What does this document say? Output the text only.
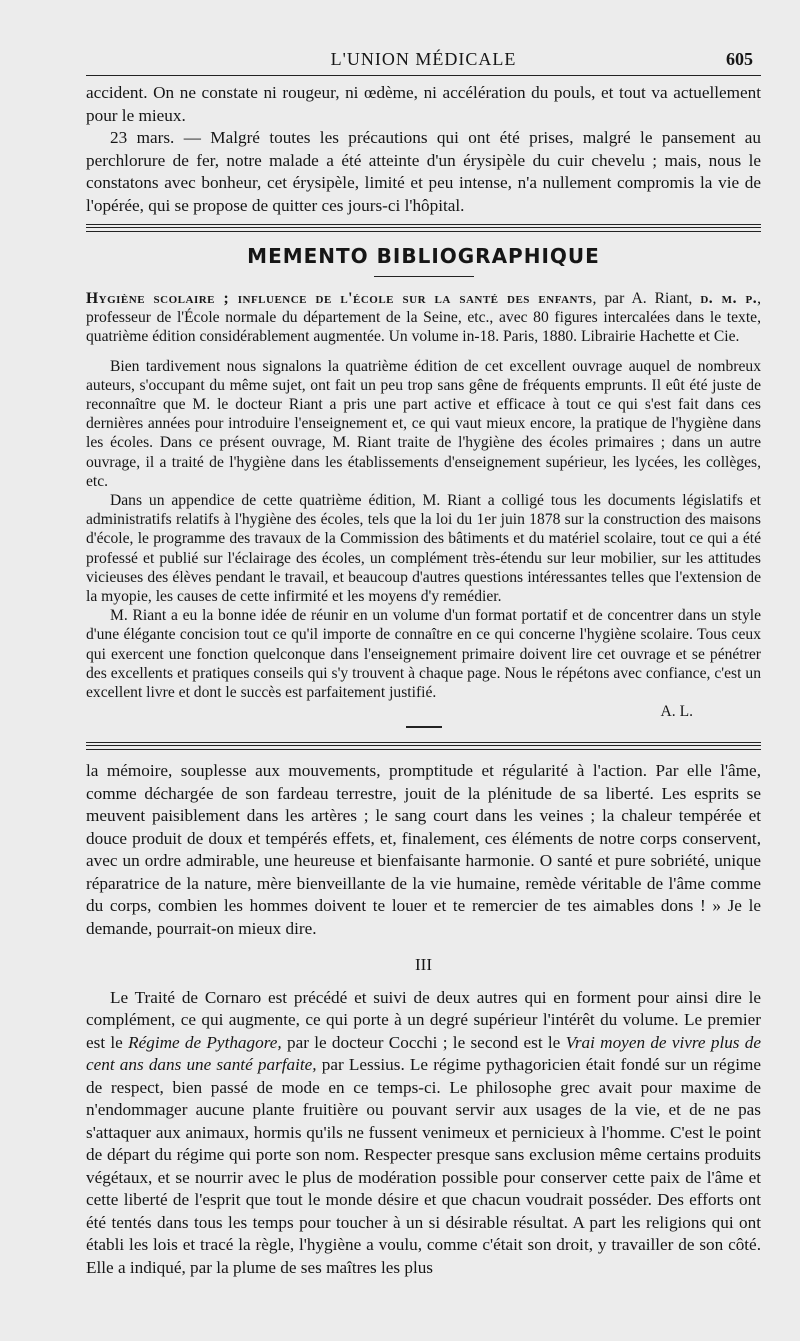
L'UNION MÉDICALE	605

accident. On ne constate ni rougeur, ni œdème, ni accélération du pouls, et tout va actuellement pour le mieux.

23 mars. — Malgré toutes les précautions qui ont été prises, malgré le pansement au perchlorure de fer, notre malade a été atteinte d'un érysipèle du cuir chevelu ; mais, nous le constatons avec bonheur, cet érysipèle, limité et peu intense, n'a nullement compromis la vie de l'opérée, qui se propose de quitter ces jours-ci l'hôpital.

MEMENTO BIBLIOGRAPHIQUE

Hygiène scolaire ; influence de l'école sur la santé des enfants, par A. Riant, d. m. p., professeur de l'École normale du département de la Seine, etc., avec 80 figures intercalées dans le texte, quatrième édition considérablement augmentée. Un volume in-18. Paris, 1880. Librairie Hachette et Cie.

Bien tardivement nous signalons la quatrième édition de cet excellent ouvrage auquel de nombreux auteurs, s'occupant du même sujet, ont fait un peu trop sans gêne de fréquents emprunts. Il eût été juste de reconnaître que M. le docteur Riant a pris une part active et efficace à tout ce qui s'est fait dans ces dernières années pour introduire l'enseignement et, ce qui vaut mieux encore, la pratique de l'hygiène dans les écoles. Dans ce présent ouvrage, M. Riant traite de l'hygiène des écoles primaires ; dans un autre ouvrage, il a traité de l'hygiène dans les établissements d'enseignement supérieur, les lycées, les collèges, etc.

Dans un appendice de cette quatrième édition, M. Riant a colligé tous les documents législatifs et administratifs relatifs à l'hygiène des écoles, tels que la loi du 1er juin 1878 sur la construction des maisons d'école, le programme des travaux de la Commission des bâtiments et du matériel scolaire, tout ce qui a été professé et publié sur l'éclairage des écoles, un complément très-étendu sur leur mobilier, sur les attitudes vicieuses des élèves pendant le travail, et beaucoup d'autres questions intéressantes telles que l'extension de la myopie, les causes de cette infirmité et les moyens d'y remédier.

M. Riant a eu la bonne idée de réunir en un volume d'un format portatif et de concentrer dans un style d'une élégante concision tout ce qu'il importe de connaître en ce qui concerne l'hygiène scolaire. Tous ceux qui exercent une fonction quelconque dans l'enseignement primaire doivent lire cet ouvrage et se pénétrer des excellents et pratiques conseils qui s'y trouvent à chaque page. Nous le répétons avec confiance, c'est un excellent livre et dont le succès est parfaitement justifié.

A. L.

la mémoire, souplesse aux mouvements, promptitude et régularité à l'action. Par elle l'âme, comme déchargée de son fardeau terrestre, jouit de la plénitude de sa liberté. Les esprits se meuvent paisiblement dans les artères ; le sang court dans les veines ; la chaleur tempérée et douce produit de doux et tempérés effets, et, finalement, ces éléments de notre corps conservent, avec un ordre admirable, une heureuse et bienfaisante harmonie. O santé et pure sobriété, unique réparatrice de la nature, mère bienveillante de la vie humaine, remède véritable de l'âme comme du corps, combien les hommes doivent te louer et te remercier de tes aimables dons ! » Je le demande, pourrait-on mieux dire.

III

Le Traité de Cornaro est précédé et suivi de deux autres qui en forment pour ainsi dire le complément, ce qui augmente, ce qui porte à un degré supérieur l'intérêt du volume. Le premier est le Régime de Pythagore, par le docteur Cocchi ; le second est le Vrai moyen de vivre plus de cent ans dans une santé parfaite, par Lessius. Le régime pythagoricien était fondé sur un régime de respect, bien passé de mode en ce temps-ci. Le philosophe grec avait pour maxime de n'endommager aucune plante fruitière ou pouvant servir aux usages de la vie, et de ne pas s'attaquer aux animaux, hormis qu'ils ne fussent venimeux et pernicieux à l'homme. C'est le point de départ du régime qui porte son nom. Respecter presque sans exclusion même certains produits végétaux, et se nourrir avec le plus de modération possible pour conserver cette paix de l'âme et cette liberté de l'esprit que tout le monde désire et que chacun voudrait posséder. Des efforts ont été tentés dans tous les temps pour toucher à un si désirable résultat. A part les religions qui ont établi les lois et tracé la règle, l'hygiène a voulu, comme c'était son droit, y travailler de son côté. Elle a indiqué, par la plume de ses maîtres les plus
